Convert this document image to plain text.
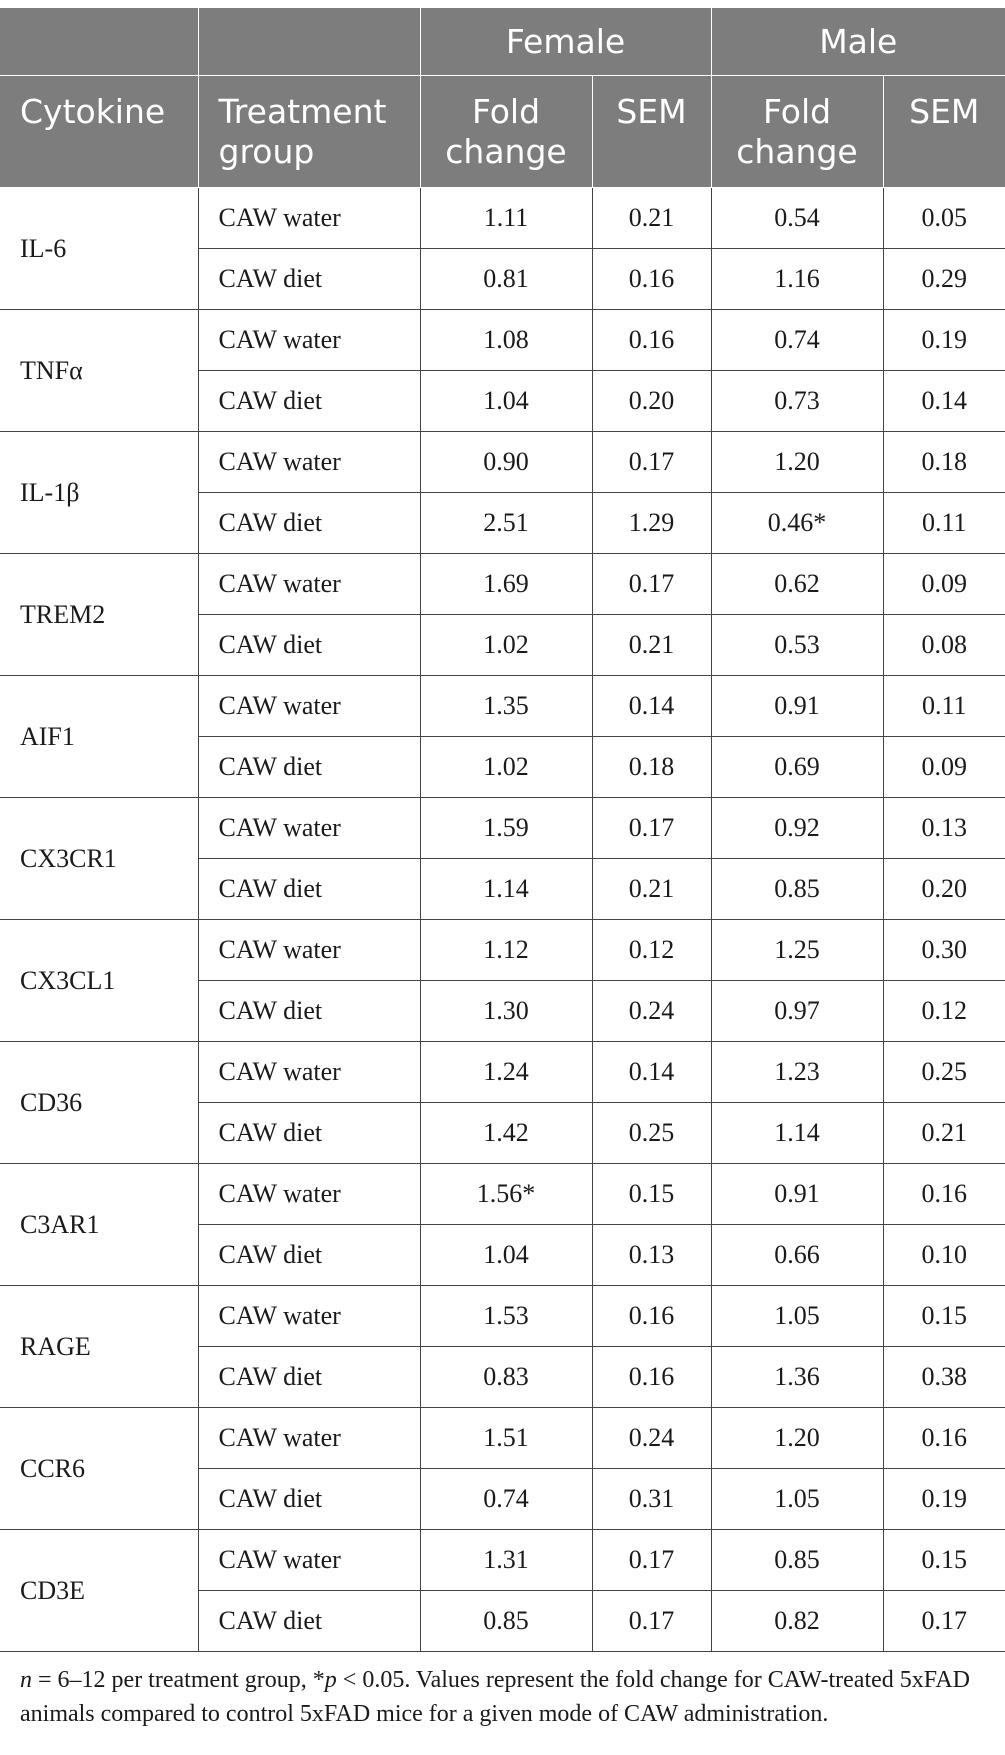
		Female		Male	
Cytokine	Treatment group	Fold change	SEM	Fold change	SEM
IL-6	CAW water	1.11	0.21	0.54	0.05
	CAW diet	0.81	0.16	1.16	0.29
TNFα	CAW water	1.08	0.16	0.74	0.19
	CAW diet	1.04	0.20	0.73	0.14
IL-1β	CAW water	0.90	0.17	1.20	0.18
	CAW diet	2.51	1.29	0.46*	0.11
TREM2	CAW water	1.69	0.17	0.62	0.09
	CAW diet	1.02	0.21	0.53	0.08
AIF1	CAW water	1.35	0.14	0.91	0.11
	CAW diet	1.02	0.18	0.69	0.09
CX3CR1	CAW water	1.59	0.17	0.92	0.13
	CAW diet	1.14	0.21	0.85	0.20
CX3CL1	CAW water	1.12	0.12	1.25	0.30
	CAW diet	1.30	0.24	0.97	0.12
CD36	CAW water	1.24	0.14	1.23	0.25
	CAW diet	1.42	0.25	1.14	0.21
C3AR1	CAW water	1.56*	0.15	0.91	0.16
	CAW diet	1.04	0.13	0.66	0.10
RAGE	CAW water	1.53	0.16	1.05	0.15
	CAW diet	0.83	0.16	1.36	0.38
CCR6	CAW water	1.51	0.24	1.20	0.16
	CAW diet	0.74	0.31	1.05	0.19
CD3E	CAW water	1.31	0.17	0.85	0.15
	CAW diet	0.85	0.17	0.82	0.17
n = 6–12 per treatment group, *p < 0.05. Values represent the fold change for CAW-treated 5xFAD animals compared to control 5xFAD mice for a given mode of CAW administration.
